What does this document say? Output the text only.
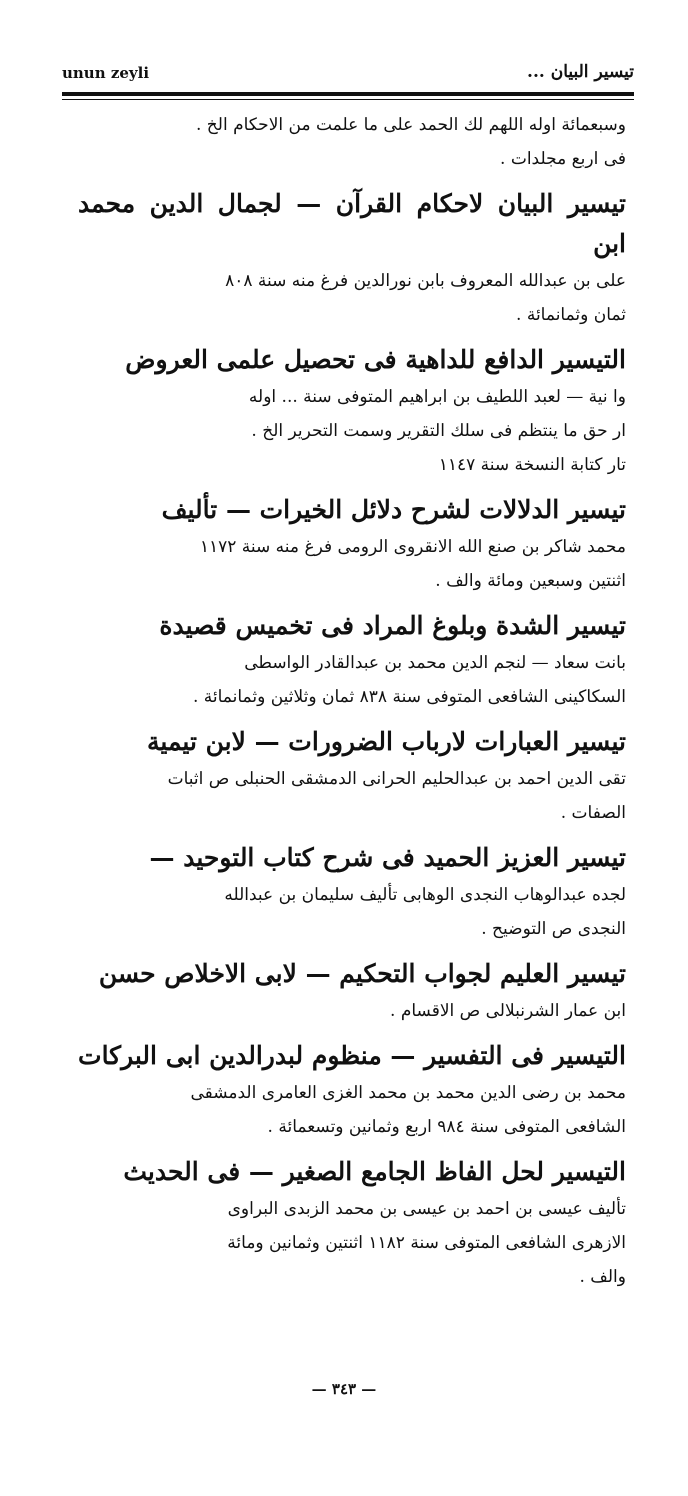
unun zeyli	تيسير البيان ...
وسبعمائة اوله اللهم لك الحمد على ما علمت من الاحكام الخ .
فى اربع مجلدات .
تيسير البيان لاحكام القرآن — لجمال الدين محمد ابن
على بن عبدالله المعروف بابن نورالدين فرغ منه سنة ٨٠٨
ثمان وثمانمائة .
التيسير الدافع للداهية فى تحصيل علمى العروض
وا نية — لعبد اللطيف بن ابراهيم المتوفى سنة ... اوله
ار حق ما ينتظم فى سلك التقرير وسمت التحرير الخ .
تار كتابة النسخة سنة ١١٤٧
تيسير الدلالات لشرح دلائل الخيرات — تأليف
محمد شاكر بن صنع الله الانقروى الرومى فرغ منه سنة ١١٧٢
اثنتين وسبعين ومائة والف .
تيسير الشدة وبلوغ المراد فى تخميس قصيدة
بانت سعاد — لنجم الدين محمد بن عبدالقادر الواسطى
السكاكينى الشافعى المتوفى سنة ٨٣٨ ثمان وثلاثين وثمانمائة .
تيسير العبارات لارباب الضرورات — لابن تيمية
تقى الدين احمد بن عبدالحليم الحرانى الدمشقى الحنبلى ص اثبات
الصفات .
تيسير العزيز الحميد فى شرح كتاب التوحيد —
لجده عبدالوهاب النجدى الوهابى تأليف سليمان بن عبدالله
النجدى ص التوضيح .
تيسير العليم لجواب التحكيم — لابى الاخلاص حسن
ابن عمار الشرنبلالى ص الاقسام .
التيسير فى التفسير — منظوم لبدرالدين ابى البركات
محمد بن رضى الدين محمد بن محمد الغزى العامرى الدمشقى
الشافعى المتوفى سنة ٩٨٤ اربع وثمانين وتسعمائة .
التيسير لحل الفاظ الجامع الصغير — فى الحديث
تأليف عيسى بن احمد بن عيسى بن محمد الزبدى البراوى
الازهرى الشافعى المتوفى سنة ١١٨٢ اثنتين وثمانين ومائة
والف .
— ٣٤٣ —
